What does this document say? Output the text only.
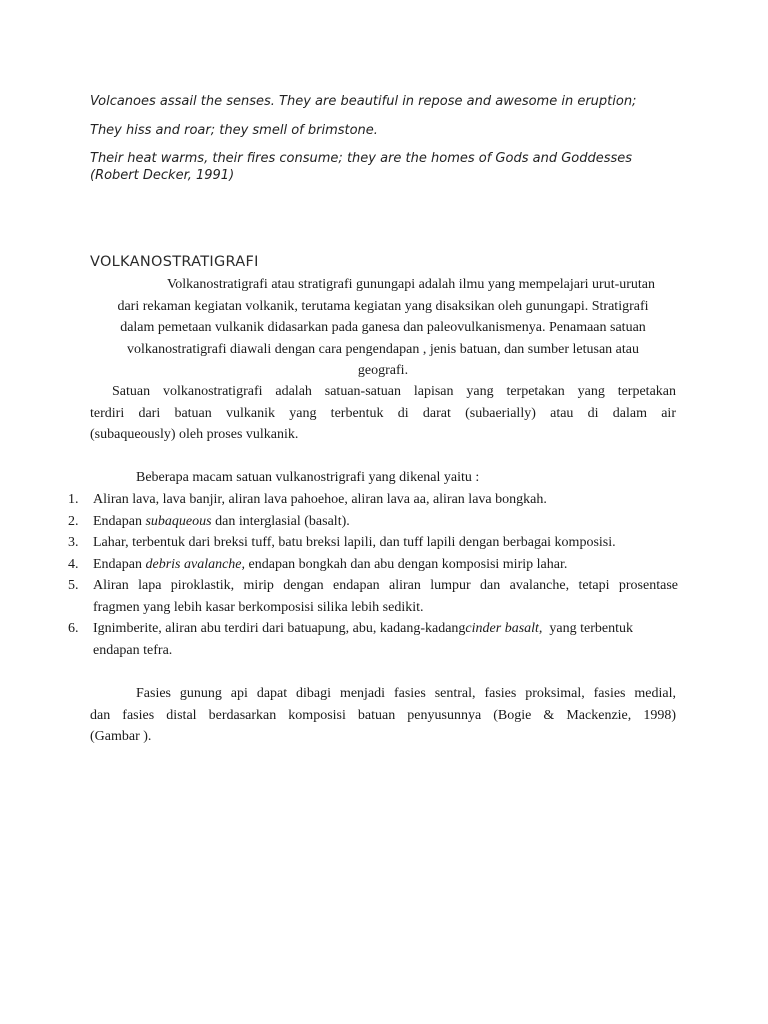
Volcanoes assail the senses. They are beautiful in repose and awesome in eruption;

They hiss and roar; they smell of brimstone.

Their heat warms, their fires consume; they are the homes of Gods and Goddesses
(Robert Decker, 1991)

VOLKANOSTRATIGRAFI

Volkanostratigrafi atau stratigrafi gunungapi adalah ilmu yang mempelajari urut-urutan
dari rekaman kegiatan volkanik, terutama kegiatan yang disaksikan oleh gunungapi. Stratigrafi
dalam pemetaan vulkanik didasarkan pada ganesa dan paleovulkanismenya. Penamaan satuan
volkanostratigrafi diawali dengan cara pengendapan , jenis batuan, dan sumber letusan atau
geografi.

Satuan volkanostratigrafi adalah satuan-satuan lapisan yang terpetakan yang terpetakan
terdiri dari batuan vulkanik yang terbentuk di darat (subaerially) atau di dalam air
(subaqueously) oleh proses vulkanik.

Beberapa macam satuan vulkanostrigrafi yang dikenal yaitu :

1. Aliran lava, lava banjir, aliran lava pahoehoe, aliran lava aa, aliran lava bongkah.
2. Endapan subaqueous dan interglasial (basalt).
3. Lahar, terbentuk dari breksi tuff, batu breksi lapili, dan tuff lapili dengan berbagai komposisi.
4. Endapan debris avalanche, endapan bongkah dan abu dengan komposisi mirip lahar.
5. Aliran lapa piroklastik, mirip dengan endapan aliran lumpur dan avalanche, tetapi prosentase
fragmen yang lebih kasar berkomposisi silika lebih sedikit.
6. Ignimberite, aliran abu terdiri dari batuapung, abu, kadang-kadangcinder basalt,  yang terbentuk
endapan tefra.

Fasies gunung api dapat dibagi menjadi fasies sentral, fasies proksimal, fasies medial,
dan fasies distal berdasarkan komposisi batuan penyusunnya (Bogie & Mackenzie, 1998)
(Gambar ).
